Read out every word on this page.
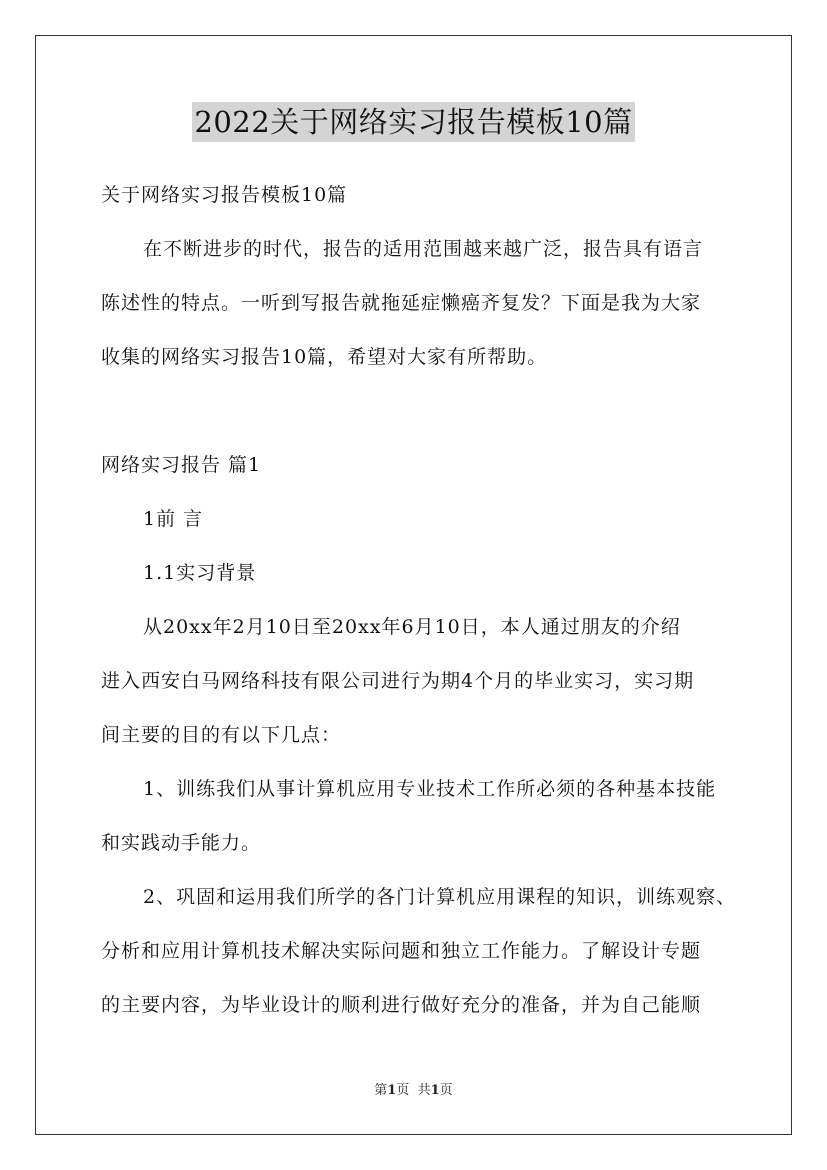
2022关于网络实习报告模板10篇
关于网络实习报告模板10篇
在不断进步的时代，报告的适用范围越来越广泛，报告具有语言
陈述性的特点。一听到写报告就拖延症懒癌齐复发？下面是我为大家
收集的网络实习报告10篇，希望对大家有所帮助。
网络实习报告 篇1
1前 言
1.1实习背景
从20xx年2月10日至20xx年6月10日，本人通过朋友的介绍
进入西安白马网络科技有限公司进行为期4个月的毕业实习，实习期
间主要的目的有以下几点：
1、训练我们从事计算机应用专业技术工作所必须的各种基本技能
和实践动手能力。
2、巩固和运用我们所学的各门计算机应用课程的知识，训练观察、
分析和应用计算机技术解决实际问题和独立工作能力。了解设计专题
的主要内容，为毕业设计的顺利进行做好充分的准备，并为自己能顺
第1页 共1页
